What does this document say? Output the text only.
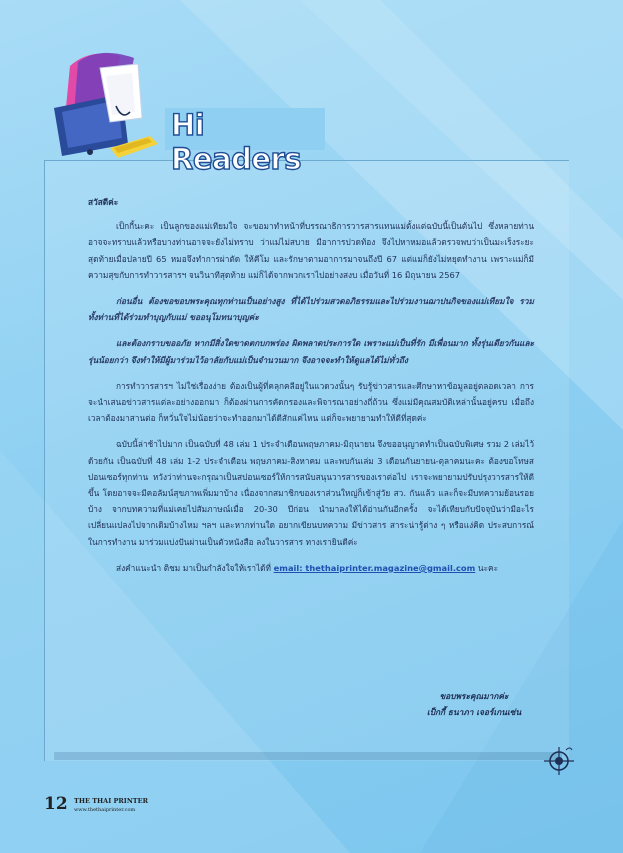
Hi Readers

สวัสดีค่ะ

เป็กกี้นะคะ เป็นลูกของแม่เทียมใจ จะขอมาทำหน้าที่บรรณาธิการวารสารแทนแม่ตั้งแต่ฉบับนี้เป็นต้นไป ซึ่งหลายท่านอาจจะทราบแล้วหรือบางท่านอาจจะยังไม่ทราบ ว่าแม่ไม่สบาย มีอาการปวดท้อง จึงไปหาหมอแล้วตรวจพบว่าเป็นมะเร็งระยะสุดท้ายเมื่อปลายปี 65 หมอจึงทำการผ่าตัด ให้คีโม และรักษาตามอาการมาจนถึงปี 67 แต่แม่ก็ยังไม่หยุดทำงาน เพราะแม่ก็มีความสุขกับการทำวารสารฯ จนวินาทีสุดท้าย แม่ก็ได้จากพวกเราไปอย่างสงบ เมื่อวันที่ 16 มิถุนายน 2567

ก่อนอื่น ต้องขอขอบพระคุณทุกท่านเป็นอย่างสูง ที่ได้ไปร่วมสวดอภิธรรมและไปร่วมงานฌาปนกิจของแม่เทียมใจ รวมทั้งท่านที่ได้ร่วมทำบุญกับแม่ ขออนุโมทนาบุญค่ะ

และต้องกราบขออภัย หากมีสิ่งใดขาดตกบกพร่อง ผิดพลาดประการใด เพราะแม่เป็นที่รัก มีเพื่อนมาก ทั้งรุ่นเดียวกันและรุ่นน้อยกว่า จึงทำให้มีผู้มาร่วมไว้อาลัยกับแม่เป็นจำนวนมาก จึงอาจจะทำให้ดูแลได้ไม่ทั่วถึง

การทำวารสารฯ ไม่ใช่เรื่องง่าย ต้องเป็นผู้ที่คลุกคลีอยู่ในแวดวงนั้นๆ รับรู้ข่าวสารและศึกษาหาข้อมูลอยู่ตลอดเวลา การจะนำเสนอข่าวสารแต่ละอย่างออกมา ก็ต้องผ่านการคัดกรองและพิจารณาอย่างถี่ถ้วน ซึ่งแม่มีคุณสมบัติเหล่านั้นอยู่ครบ เมื่อถึงเวลาต้องมาสานต่อ ก็หวั่นใจไม่น้อยว่าจะทำออกมาได้ดีสักแค่ไหน แต่ก็จะพยายามทำให้ดีที่สุดค่ะ

ฉบับนี้ล่าช้าไปมาก เป็นฉบับที่ 48 เล่ม 1 ประจำเดือนพฤษภาคม-มิถุนายน จึงขออนุญาตทำเป็นฉบับพิเศษ รวม 2 เล่มไว้ด้วยกัน เป็นฉบับที่ 48 เล่ม 1-2 ประจำเดือน พฤษภาคม-สิงหาคม และพบกันเล่ม 3 เดือนกันยายน-ตุลาคมนะคะ ต้องขอโทษสปอนเซอร์ทุกท่าน หวังว่าท่านจะกรุณาเป็นสปอนเซอร์ให้การสนับสนุนวารสารของเราต่อไป เราจะพยายามปรับปรุงวารสารให้ดีขึ้น โดยอาจจะมีคอลัมน์สุขภาพเพิ่มมาบ้าง เนื่องจากสมาชิกของเราส่วนใหญ่ก็เข้าสู่วัย สว. กันแล้ว และก็จะมีบทความย้อนรอยบ้าง จากบทความที่แม่เคยไปสัมภาษณ์เมื่อ 20-30 ปีก่อน นำมาลงให้ได้อ่านกันอีกครั้ง จะได้เทียบกับปัจจุบันว่ามีอะไรเปลี่ยนแปลงไปจากเดิมบ้างไหม ฯลฯ และหากท่านใด อยากเขียนบทความ มีข่าวสาร สาระน่ารู้ต่าง ๆ หรือแง่คิด ประสบการณ์ในการทำงาน มาร่วมแบ่งปันผ่านเป็นตัวหนังสือ ลงในวารสาร ทางเรายินดีค่ะ

ส่งคำแนะนำ ติชม มาเป็นกำลังใจให้เราได้ที่ email: thethaiprinter.magazine@gmail.com นะคะ

ขอบพระคุณมากค่ะ
เป็กกี้ ธนาภา เจอร์เกนเซ่น
12 THE THAI PRINTER
www.thethaiprinter.com
